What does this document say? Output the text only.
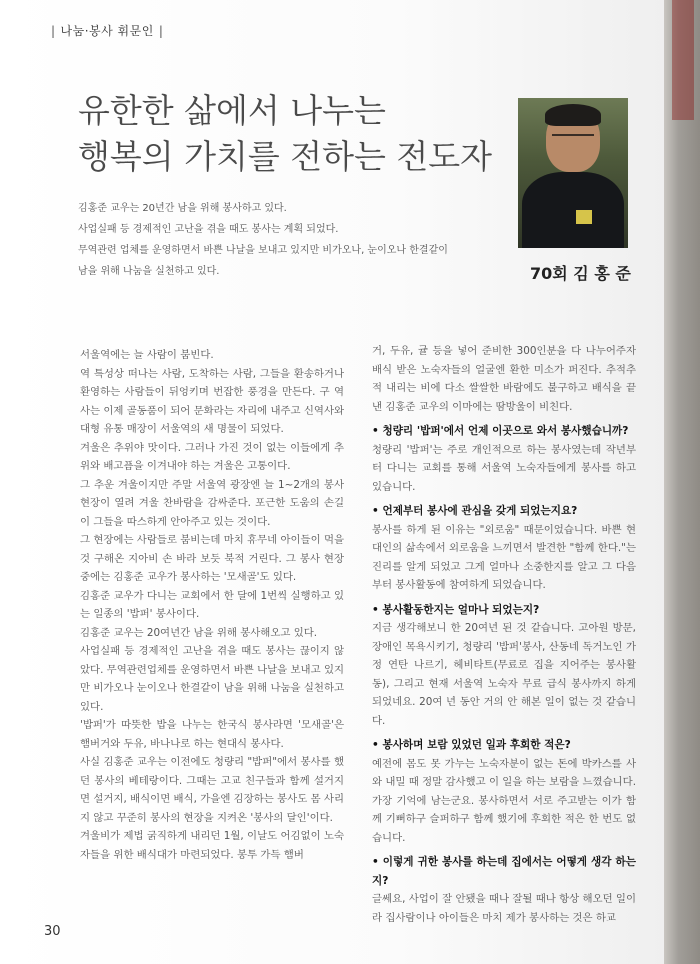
| 나눔·봉사 휘문인 |
유한한 삶에서 나누는
행복의 가치를 전하는 전도자

김홍준 교우는 20년간 남을 위해 봉사하고 있다.

사업실패 등 경제적인 고난을 겪을 때도 봉사는 계획 되었다.

무역관련 업체를 운영하면서 바쁜 나날을 보내고 있지만 비가오나, 눈이오나 한결같이

남을 위해 나눔을 실천하고 있다.	70회 김 홍 준

서울역에는 늘 사람이 붐빈다.

역 특성상 떠나는 사람, 도착하는 사람, 그들을 환송하거나 환영하는 사람들이 뒤엉키며 번잡한 풍경을 만든다. 구 역사는 이제 골동품이 되어 문화라는 자리에 내주고 신역사와 대형 유통 매장이 서울역의 새 명물이 되었다.

겨울은 추위야 맛이다. 그러나 가진 것이 없는 이들에게 추위와 배고픔을 이겨내야 하는 겨울은 고통이다.

그 추운 겨울이지만 주말 서울역 광장엔 늘 1~2개의 봉사 현장이 열려 겨울 찬바람을 감싸준다. 포근한 도움의 손길이 그들을 따스하게 안아주고 있는 것이다.

그 현장에는 사람들로 붐비는데 마치 휴무네 아이들이 먹을 것 구해온 지아비 손 바라 보듯 북적 거린다. 그 봉사 현장 중에는 김홍준 교우가 봉사하는 '모새골'도 있다.

김홍준 교우가 다니는 교회에서 한 달에 1번씩 실행하고 있는 일종의 '밥퍼' 봉사이다.

김홍준 교우는 20여년간 남을 위해 봉사해오고 있다.

사업실패 등 경제적인 고난을 겪을 때도 봉사는 끊이지 않았다. 무역관련업체를 운영하면서 바쁜 나날을 보내고 있지만 비가오나 눈이오나 한결같이 남을 위해 나눔을 실천하고 있다.

'밥퍼'가 따뜻한 밥을 나누는 한국식 봉사라면 '모새골'은 햄버거와 두유, 바나나로 하는 현대식 봉사다.

사실 김홍준 교우는 이전에도 청량리 "밥퍼"에서 봉사를 했던 봉사의 베테랑이다. 그때는 고교 친구들과 함께 설거지면 설거지, 배식이면 배식, 가을엔 김장하는 봉사도 몸 사리지 않고 꾸준히 봉사의 현장을 지켜온 '봉사의 달인'이다.

겨울비가 제법 굵직하게 내리던 1월, 이날도 어김없이 노숙자들을 위한 배식대가 마련되었다. 봉투 가득 햄버

거, 두유, 귤 등을 넣어 준비한 300인분을 다 나누어주자 배식 받은 노숙자들의 얼굴엔 환한 미소가 퍼진다. 추적추적 내리는 비에 다소 쌀쌀한 바람에도 불구하고 배식을 끝낸 김홍준 교우의 이마에는 땀방울이 비친다.

• 청량리 '밥퍼'에서 언제 이곳으로 와서 봉사했습니까?

청량리 '밥퍼'는 주로 개인적으로 하는 봉사였는데 작년부터 다니는 교회를 통해 서울역 노숙자들에게 봉사를 하고 있습니다.

• 언제부터 봉사에 관심을 갖게 되었는지요?

봉사를 하게 된 이유는 "외로움" 때문이었습니다. 바쁜 현대인의 삶속에서 외로움을 느끼면서 발견한 "함께 한다."는 진리를 알게 되었고 그게 얼마나 소중한지를 알고 그 다음부터 봉사활동에 참여하게 되었습니다.

• 봉사활동한지는 얼마나 되었는지?

지금 생각해보니 한 20여년 된 것 같습니다. 고아원 방문, 장애인 목욕시키기, 청량리 '밥퍼'봉사, 산동네 독거노인 가정 연탄 나르기, 헤비타트(무료로 집을 지어주는 봉사활동), 그리고 현재 서울역 노숙자 무료 급식 봉사까지 하게 되었네요. 20여 년 동안 거의 안 해본 일이 없는 것 같습니다.

• 봉사하며 보람 있었던 일과 후회한 적은?

예전에 몸도 못 가누는 노숙자분이 없는 돈에 박카스를 사와 내밀 때 정말 감사했고 이 일을 하는 보람을 느꼈습니다. 가장 기억에 남는군요. 봉사하면서 서로 주고받는 이가 함께 기뻐하구 슬퍼하구 함께 했기에 후회한 적은 한 번도 없습니다.

• 이렇게 귀한 봉사를 하는데 집에서는 어떻게 생각 하는지?

글쎄요, 사업이 잘 안됐을 때나 잘될 때나 항상 해오던 일이라 집사람이나 아이들은 마치 제가 봉사하는 것은 하교

30
